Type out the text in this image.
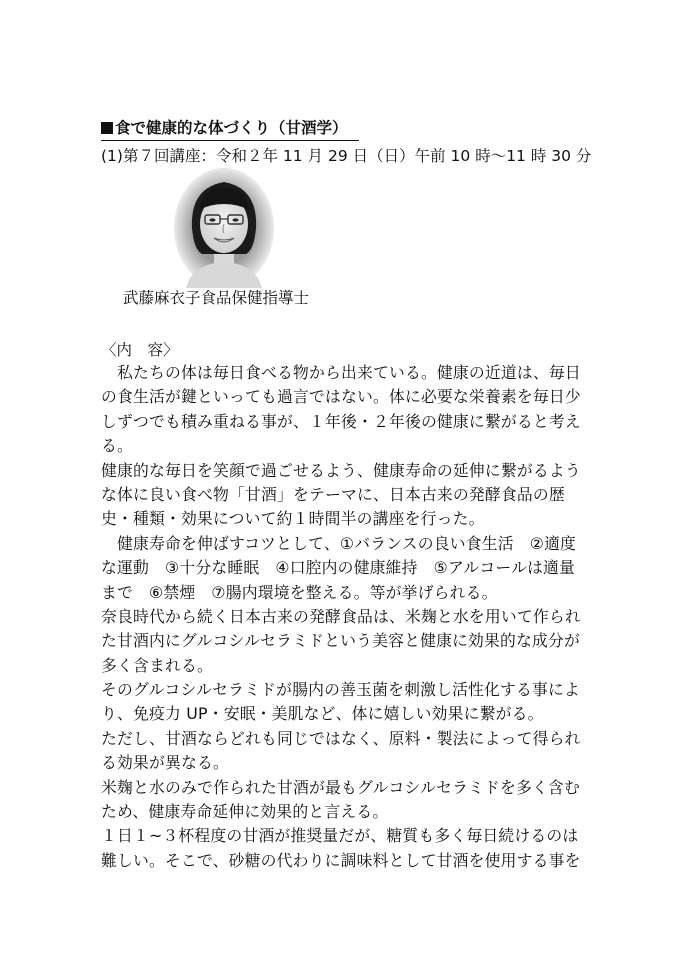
食で健康的な体づくり（甘酒学）
(1)第７回講座：令和２年 11 月 29 日（日）午前 10 時～11 時 30 分
武藤麻衣子食品保健指導士
〈内　容〉
　私たちの体は毎日食べる物から出来ている。健康の近道は、毎日
の食生活が鍵といっても過言ではない。体に必要な栄養素を毎日少
しずつでも積み重ねる事が、１年後・２年後の健康に繋がると考え
る。
健康的な毎日を笑顔で過ごせるよう、健康寿命の延伸に繋がるよう
な体に良い食べ物「甘酒」をテーマに、日本古来の発酵食品の歴
史・種類・効果について約１時間半の講座を行った。
　健康寿命を伸ばすコツとして、①バランスの良い食生活　②適度
な運動　③十分な睡眠　④口腔内の健康維持　⑤アルコールは適量
まで　⑥禁煙　⑦腸内環境を整える。等が挙げられる。
奈良時代から続く日本古来の発酵食品は、米麹と水を用いて作られ
た甘酒内にグルコシルセラミドという美容と健康に効果的な成分が
多く含まれる。
そのグルコシルセラミドが腸内の善玉菌を刺激し活性化する事によ
り、免疫力 UP・安眠・美肌など、体に嬉しい効果に繋がる。
ただし、甘酒ならどれも同じではなく、原料・製法によって得られ
る効果が異なる。
米麹と水のみで作られた甘酒が最もグルコシルセラミドを多く含む
ため、健康寿命延伸に効果的と言える。
１日１~３杯程度の甘酒が推奨量だが、糖質も多く毎日続けるのは
難しい。そこで、砂糖の代わりに調味料として甘酒を使用する事を
